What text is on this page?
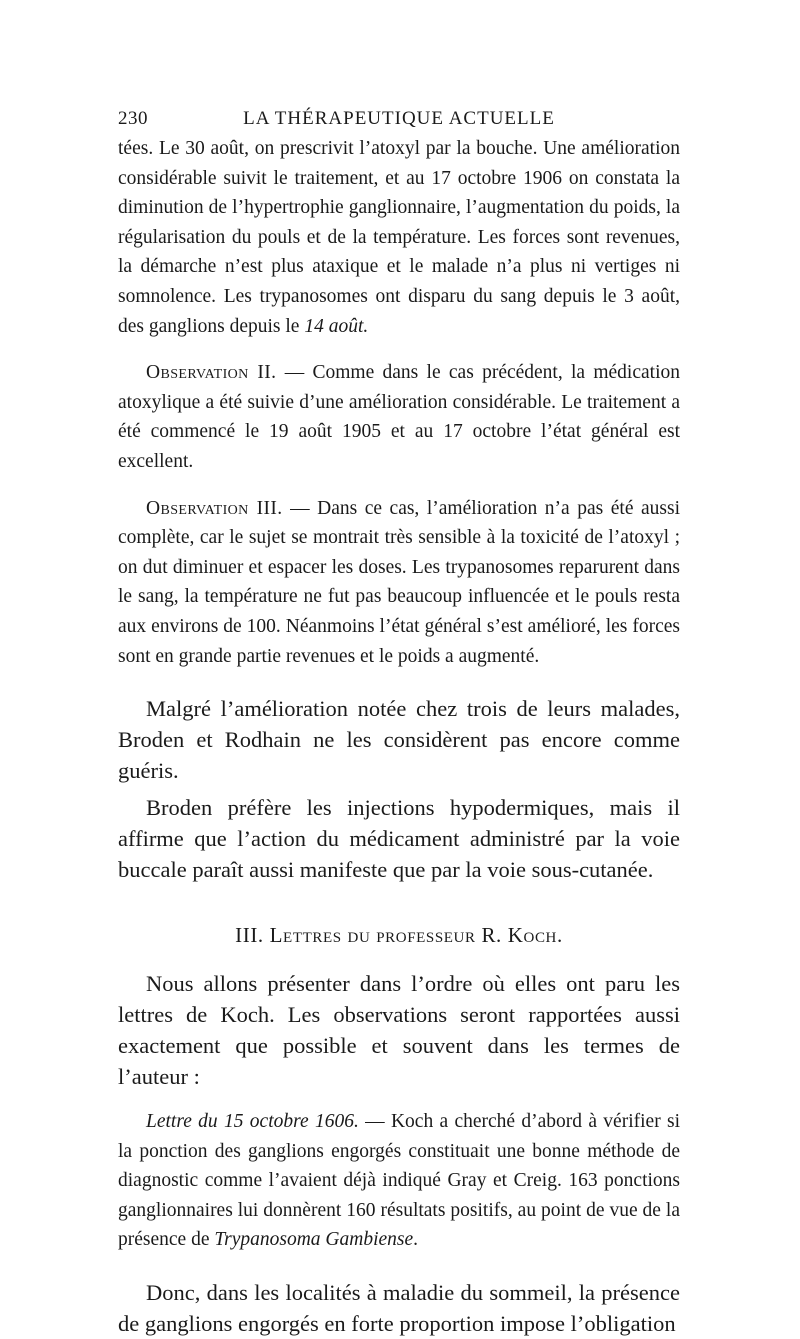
230	LA THÉRAPEUTIQUE ACTUELLE

tées. Le 30 août, on prescrivit l’atoxyl par la bouche. Une amélioration considérable suivit le traitement, et au 17 octobre 1906 on constata la diminution de l’hypertrophie ganglionnaire, l’augmentation du poids, la régularisation du pouls et de la température. Les forces sont revenues, la démarche n’est plus ataxique et le malade n’a plus ni vertiges ni somnolence. Les trypanosomes ont disparu du sang depuis le 3 août, des ganglions depuis le 14 août.

Observation II. — Comme dans le cas précédent, la médication atoxylique a été suivie d’une amélioration considérable. Le traitement a été commencé le 19 août 1905 et au 17 octobre l’état général est excellent.

Observation III. — Dans ce cas, l’amélioration n’a pas été aussi complète, car le sujet se montrait très sensible à la toxicité de l’atoxyl ; on dut diminuer et espacer les doses. Les trypanosomes reparurent dans le sang, la température ne fut pas beaucoup influencée et le pouls resta aux environs de 100. Néanmoins l’état général s’est amélioré, les forces sont en grande partie revenues et le poids a augmenté.

Malgré l’amélioration notée chez trois de leurs malades, Broden et Rodhain ne les considèrent pas encore comme guéris.

Broden préfère les injections hypodermiques, mais il affirme que l’action du médicament administré par la voie buccale paraît aussi manifeste que par la voie sous-cutanée.

III. Lettres du professeur R. Koch.

Nous allons présenter dans l’ordre où elles ont paru les lettres de Koch. Les observations seront rapportées aussi exactement que possible et souvent dans les termes de l’auteur :

Lettre du 15 octobre 1606. — Koch a cherché d’abord à vérifier si la ponction des ganglions engorgés constituait une bonne méthode de diagnostic comme l’avaient déjà indiqué Gray et Creig. 163 ponctions ganglionnaires lui donnèrent 160 résultats positifs, au point de vue de la présence de Trypanosoma Gambiense.

Donc, dans les localités à maladie du sommeil, la présence de ganglions engorgés en forte proportion impose l’obligation
